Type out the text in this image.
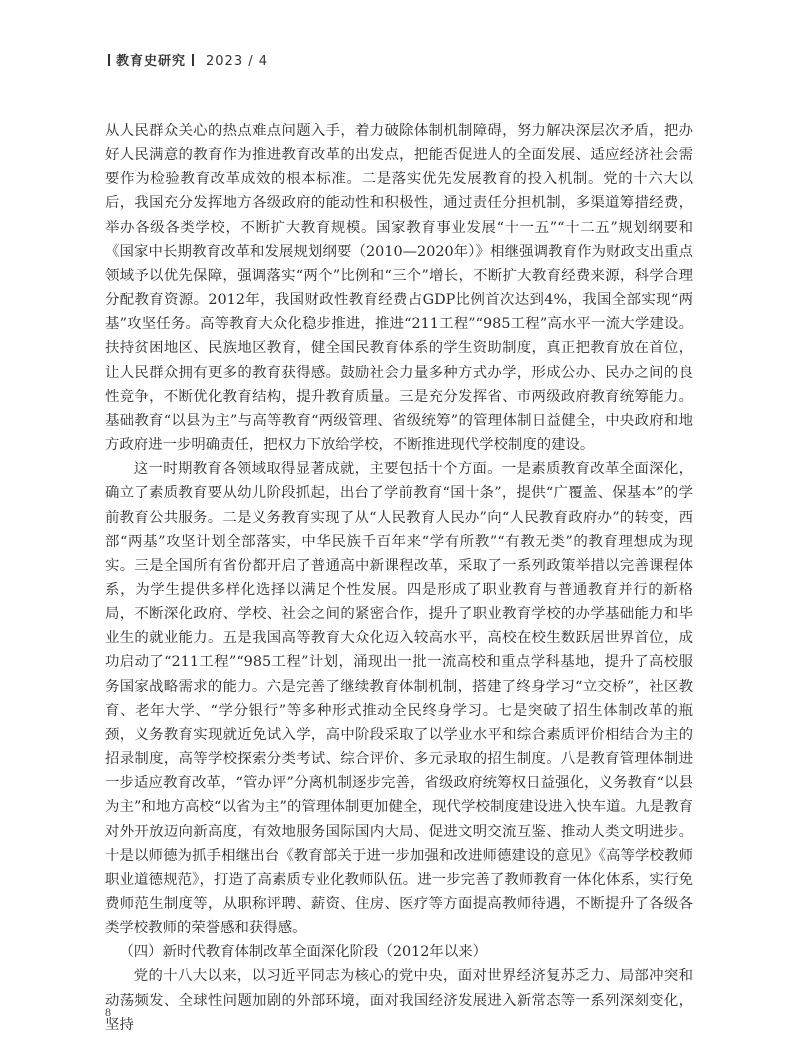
教育史研究 2023 / 4

从人民群众关心的热点难点问题入手，着力破除体制机制障碍，努力解决深层次矛盾，把办好人民满意的教育作为推进教育改革的出发点，把能否促进人的全面发展、适应经济社会需要作为检验教育改革成效的根本标准。二是落实优先发展教育的投入机制。党的十六大以后，我国充分发挥地方各级政府的能动性和积极性，通过责任分担机制，多渠道筹措经费，举办各级各类学校，不断扩大教育规模。国家教育事业发展“十一五”“十二五”规划纲要和《国家中长期教育改革和发展规划纲要（2010—2020年）》相继强调教育作为财政支出重点领域予以优先保障，强调落实“两个”比例和“三个”增长，不断扩大教育经费来源，科学合理分配教育资源。2012年，我国财政性教育经费占GDP比例首次达到4%，我国全部实现“两基”攻坚任务。高等教育大众化稳步推进，推进“211工程”“985工程”高水平一流大学建设。扶持贫困地区、民族地区教育，健全国民教育体系的学生资助制度，真正把教育放在首位，让人民群众拥有更多的教育获得感。鼓励社会力量多种方式办学，形成公办、民办之间的良性竞争，不断优化教育结构，提升教育质量。三是充分发挥省、市两级政府教育统筹能力。基础教育“以县为主”与高等教育“两级管理、省级统筹”的管理体制日益健全，中央政府和地方政府进一步明确责任，把权力下放给学校，不断推进现代学校制度的建设。

这一时期教育各领域取得显著成就，主要包括十个方面。一是素质教育改革全面深化，确立了素质教育要从幼儿阶段抓起，出台了学前教育“国十条”，提供“广覆盖、保基本”的学前教育公共服务。二是义务教育实现了从“人民教育人民办”向“人民教育政府办”的转变，西部“两基”攻坚计划全部落实，中华民族千百年来“学有所教”“有教无类”的教育理想成为现实。三是全国所有省份都开启了普通高中新课程改革，采取了一系列政策举措以完善课程体系，为学生提供多样化选择以满足个性发展。四是形成了职业教育与普通教育并行的新格局，不断深化政府、学校、社会之间的紧密合作，提升了职业教育学校的办学基础能力和毕业生的就业能力。五是我国高等教育大众化迈入较高水平，高校在校生数跃居世界首位，成功启动了“211工程”“985工程”计划，涌现出一批一流高校和重点学科基地，提升了高校服务国家战略需求的能力。六是完善了继续教育体制机制，搭建了终身学习“立交桥”，社区教育、老年大学、“学分银行”等多种形式推动全民终身学习。七是突破了招生体制改革的瓶颈，义务教育实现就近免试入学，高中阶段采取了以学业水平和综合素质评价相结合为主的招录制度，高等学校探索分类考试、综合评价、多元录取的招生制度。八是教育管理体制进一步适应教育改革，“管办评”分离机制逐步完善，省级政府统筹权日益强化，义务教育“以县为主”和地方高校“以省为主”的管理体制更加健全，现代学校制度建设进入快车道。九是教育对外开放迈向新高度，有效地服务国际国内大局、促进文明交流互鉴、推动人类文明进步。十是以师德为抓手相继出台《教育部关于进一步加强和改进师德建设的意见》《高等学校教师职业道德规范》，打造了高素质专业化教师队伍。进一步完善了教师教育一体化体系，实行免费师范生制度等，从职称评聘、薪资、住房、医疗等方面提高教师待遇，不断提升了各级各类学校教师的荣誉感和获得感。

（四）新时代教育体制改革全面深化阶段（2012年以来）

党的十八大以来，以习近平同志为核心的党中央，面对世界经济复苏乏力、局部冲突和动荡频发、全球性问题加剧的外部环境，面对我国经济发展进入新常态等一系列深刻变化，坚持

8
